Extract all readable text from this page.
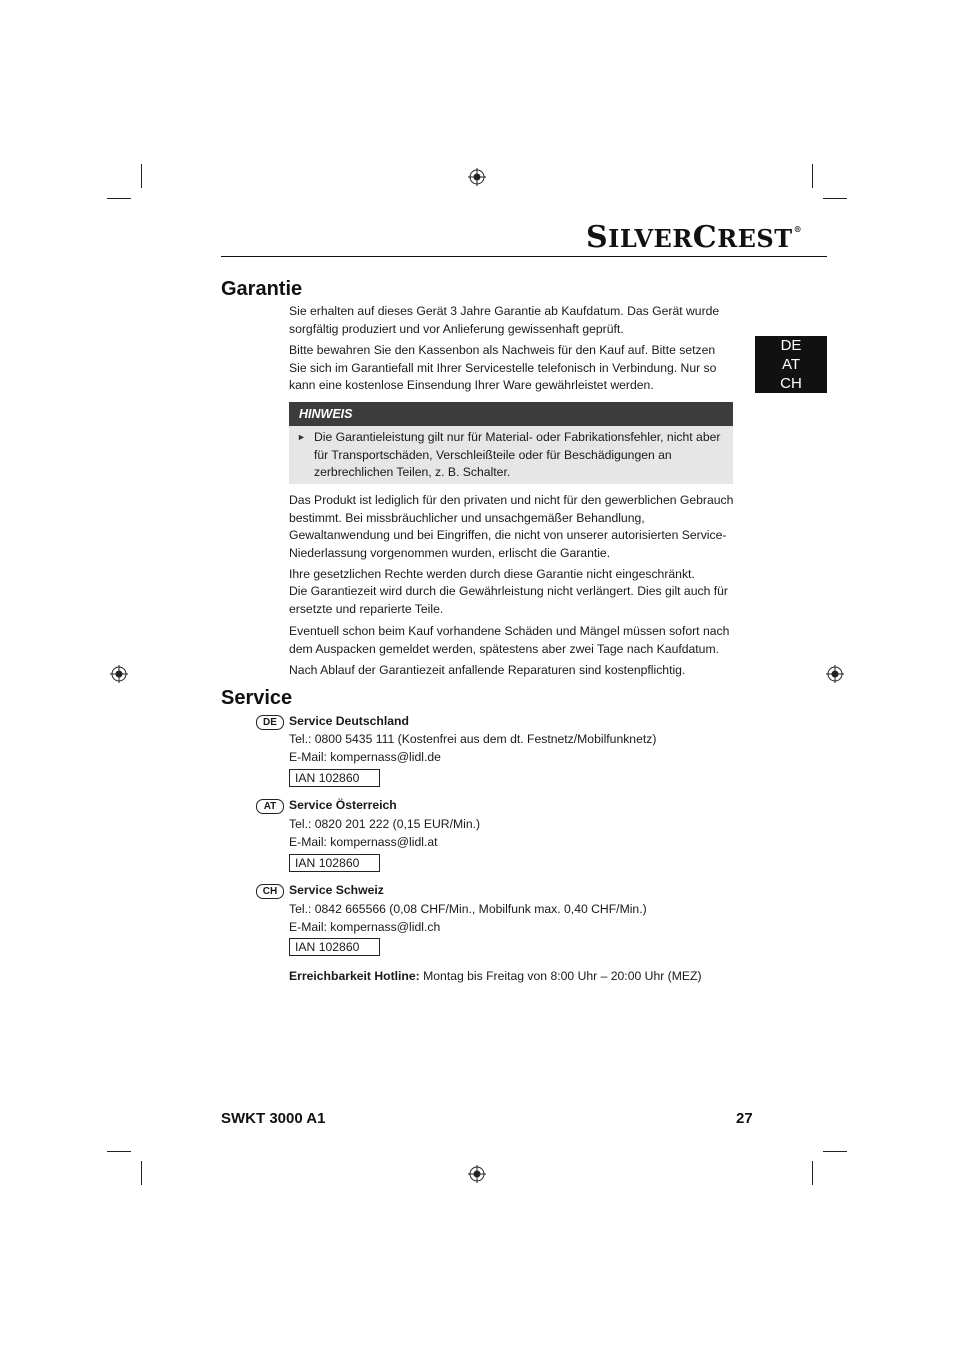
SILVERCREST®
DE
AT
CH
Garantie

Sie erhalten auf dieses Gerät 3 Jahre Garantie ab Kaufdatum. Das Gerät wurde sorgfältig produziert und vor Anlieferung gewissenhaft geprüft.

Bitte bewahren Sie den Kassenbon als Nachweis für den Kauf auf. Bitte setzen Sie sich im Garantiefall mit Ihrer Servicestelle telefonisch in Verbindung. Nur so kann eine kostenlose Einsendung Ihrer Ware gewährleistet werden.

HINWEIS
► Die Garantieleistung gilt nur für Material- oder Fabrikationsfehler, nicht aber für Transportschäden, Verschleißteile oder für Beschädigungen an zerbrechlichen Teilen, z. B. Schalter.

Das Produkt ist lediglich für den privaten und nicht für den gewerblichen Gebrauch bestimmt. Bei missbräuchlicher und unsachgemäßer Behandlung, Gewaltanwendung und bei Eingriffen, die nicht von unserer autorisierten Service-Niederlassung vorgenommen wurden, erlischt die Garantie.

Ihre gesetzlichen Rechte werden durch diese Garantie nicht eingeschränkt.

Die Garantiezeit wird durch die Gewährleistung nicht verlängert. Dies gilt auch für ersetzte und reparierte Teile.

Eventuell schon beim Kauf vorhandene Schäden und Mängel müssen sofort nach dem Auspacken gemeldet werden, spätestens aber zwei Tage nach Kaufdatum.

Nach Ablauf der Garantiezeit anfallende Reparaturen sind kostenpflichtig.

Service
DE Service Deutschland
Tel.: 0800 5435 111 (Kostenfrei aus dem dt. Festnetz/Mobilfunknetz)
E-Mail: kompernass@lidl.de
IAN 102860
AT	Service Österreich
Tel.: 0820 201 222 (0,15 EUR/Min.)
E-Mail: kompernass@lidl.at
IAN 102860
CH Service Schweiz
Tel.: 0842 665566 (0,08 CHF/Min., Mobilfunk max. 0,40 CHF/Min.)
E-Mail: kompernass@lidl.ch
IAN 102860
Erreichbarkeit Hotline: Montag bis Freitag von 8:00 Uhr – 20:00 Uhr (MEZ)
SWKT 3000 A1	27
